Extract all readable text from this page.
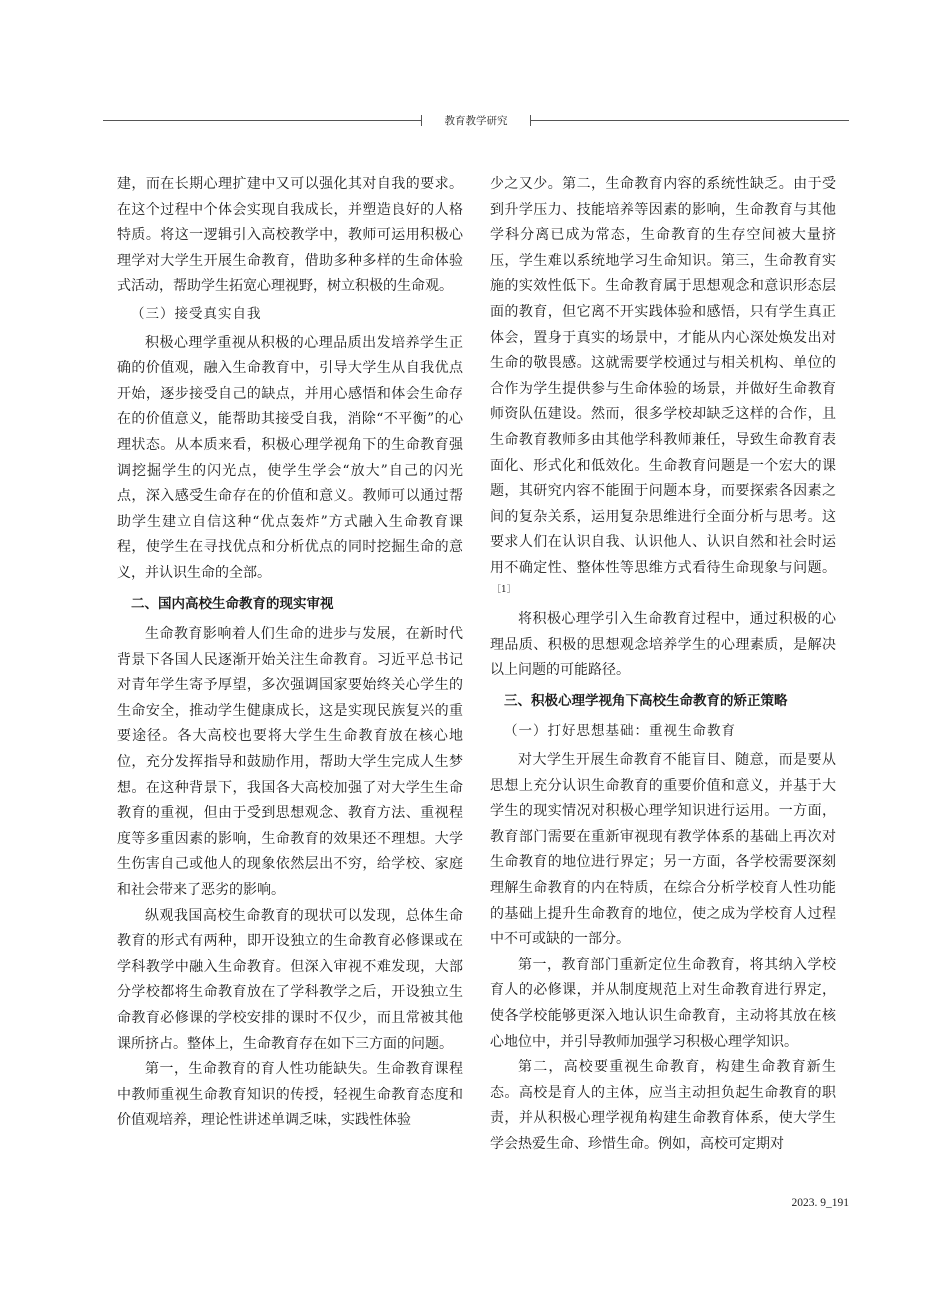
教育教学研究

建，而在长期心理扩建中又可以强化其对自我的要求。在这个过程中个体会实现自我成长，并塑造良好的人格特质。将这一逻辑引入高校教学中，教师可运用积极心理学对大学生开展生命教育，借助多种多样的生命体验式活动，帮助学生拓宽心理视野，树立积极的生命观。

（三）接受真实自我

积极心理学重视从积极的心理品质出发培养学生正确的价值观，融入生命教育中，引导大学生从自我优点开始，逐步接受自己的缺点，并用心感悟和体会生命存在的价值意义，能帮助其接受自我，消除“不平衡”的心理状态。从本质来看，积极心理学视角下的生命教育强调挖掘学生的闪光点，使学生学会“放大”自己的闪光点，深入感受生命存在的价值和意义。教师可以通过帮助学生建立自信这种“优点轰炸”方式融入生命教育课程，使学生在寻找优点和分析优点的同时挖掘生命的意义，并认识生命的全部。

二、国内高校生命教育的现实审视

生命教育影响着人们生命的进步与发展，在新时代背景下各国人民逐渐开始关注生命教育。习近平总书记对青年学生寄予厚望，多次强调国家要始终关心学生的生命安全，推动学生健康成长，这是实现民族复兴的重要途径。各大高校也要将大学生生命教育放在核心地位，充分发挥指导和鼓励作用，帮助大学生完成人生梦想。在这种背景下，我国各大高校加强了对大学生生命教育的重视，但由于受到思想观念、教育方法、重视程度等多重因素的影响，生命教育的效果还不理想。大学生伤害自己或他人的现象依然层出不穷，给学校、家庭和社会带来了恶劣的影响。

纵观我国高校生命教育的现状可以发现，总体生命教育的形式有两种，即开设独立的生命教育必修课或在学科教学中融入生命教育。但深入审视不难发现，大部分学校都将生命教育放在了学科教学之后，开设独立生命教育必修课的学校安排的课时不仅少，而且常被其他课所挤占。整体上，生命教育存在如下三方面的问题。

第一，生命教育的育人性功能缺失。生命教育课程中教师重视生命教育知识的传授，轻视生命教育态度和价值观培养，理论性讲述单调乏味，实践性体验

少之又少。第二，生命教育内容的系统性缺乏。由于受到升学压力、技能培养等因素的影响，生命教育与其他学科分离已成为常态，生命教育的生存空间被大量挤压，学生难以系统地学习生命知识。第三，生命教育实施的实效性低下。生命教育属于思想观念和意识形态层面的教育，但它离不开实践体验和感悟，只有学生真正体会，置身于真实的场景中，才能从内心深处焕发出对生命的敬畏感。这就需要学校通过与相关机构、单位的合作为学生提供参与生命体验的场景，并做好生命教育师资队伍建设。然而，很多学校却缺乏这样的合作，且生命教育教师多由其他学科教师兼任，导致生命教育表面化、形式化和低效化。生命教育问题是一个宏大的课题，其研究内容不能囿于问题本身，而要探索各因素之间的复杂关系，运用复杂思维进行全面分析与思考。这要求人们在认识自我、认识他人、认识自然和社会时运用不确定性、整体性等思维方式看待生命现象与问题。$^{[1]}$

将积极心理学引入生命教育过程中，通过积极的心理品质、积极的思想观念培养学生的心理素质，是解决以上问题的可能路径。

三、积极心理学视角下高校生命教育的矫正策略

（一）打好思想基础：重视生命教育

对大学生开展生命教育不能盲目、随意，而是要从思想上充分认识生命教育的重要价值和意义，并基于大学生的现实情况对积极心理学知识进行运用。一方面，教育部门需要在重新审视现有教学体系的基础上再次对生命教育的地位进行界定；另一方面，各学校需要深刻理解生命教育的内在特质，在综合分析学校育人性功能的基础上提升生命教育的地位，使之成为学校育人过程中不可或缺的一部分。

第一，教育部门重新定位生命教育，将其纳入学校育人的必修课，并从制度规范上对生命教育进行界定，使各学校能够更深入地认识生命教育，主动将其放在核心地位中，并引导教师加强学习积极心理学知识。

第二，高校要重视生命教育，构建生命教育新生态。高校是育人的主体，应当主动担负起生命教育的职责，并从积极心理学视角构建生命教育体系，使大学生学会热爱生命、珍惜生命。例如，高校可定期对

2023. 9_191
